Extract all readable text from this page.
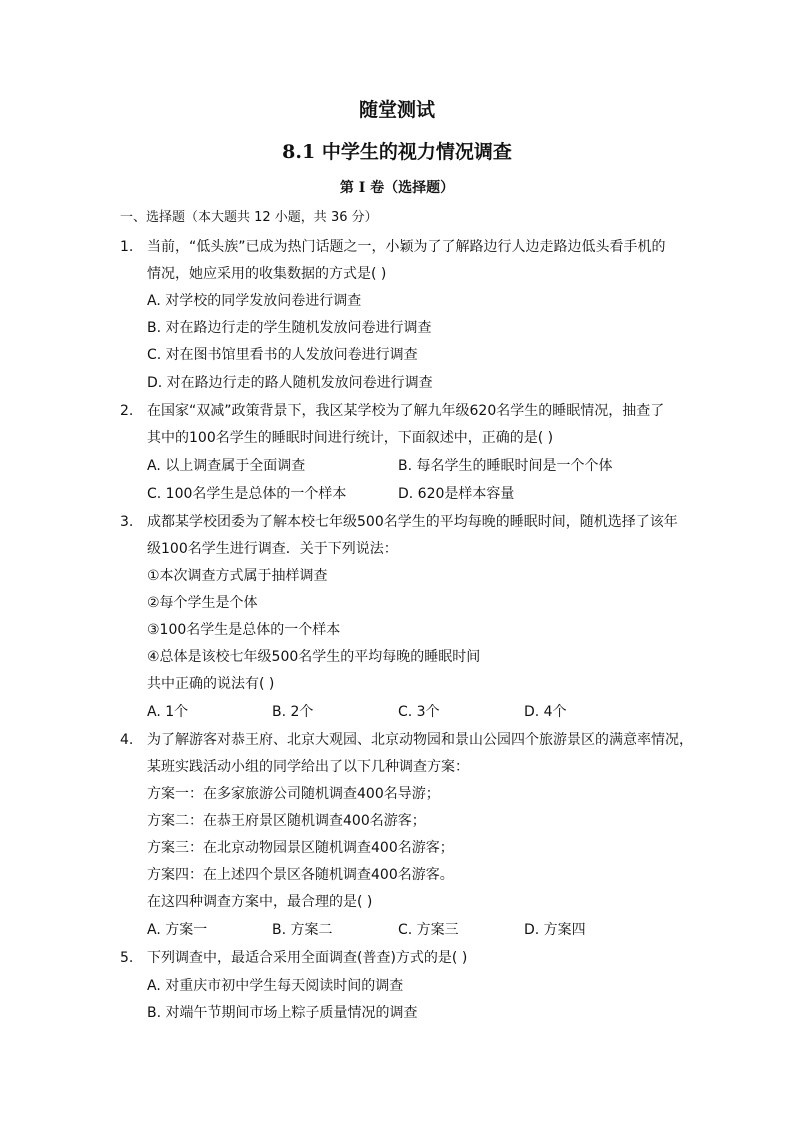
随堂测试
8.1 中学生的视力情况调查
第 I 卷（选择题）
一、选择题（本大题共 12 小题，共 36 分）
1. 当前，“低头族”已成为热门话题之一，小颖为了了解路边行人边走路边低头看手机的
情况，她应采用的收集数据的方式是( )
A. 对学校的同学发放问卷进行调查
B. 对在路边行走的学生随机发放问卷进行调查
C. 对在图书馆里看书的人发放问卷进行调查
D. 对在路边行走的路人随机发放问卷进行调查
2. 在国家“双减”政策背景下，我区某学校为了解九年级620名学生的睡眠情况，抽查了
其中的100名学生的睡眠时间进行统计，下面叙述中，正确的是( )
A. 以上调查属于全面调查	B. 每名学生的睡眠时间是一个个体
C. 100名学生是总体的一个样本	D. 620是样本容量
3. 成都某学校团委为了解本校七年级500名学生的平均每晚的睡眠时间，随机选择了该年
级100名学生进行调查．关于下列说法：
①本次调查方式属于抽样调查
②每个学生是个体
③100名学生是总体的一个样本
④总体是该校七年级500名学生的平均每晚的睡眠时间
共中正确的说法有( )
A. 1个	B. 2个	C. 3个	D. 4个
4. 为了解游客对恭王府、北京大观园、北京动物园和景山公园四个旅游景区的满意率情况，
某班实践活动小组的同学给出了以下几种调查方案：
方案一：在多家旅游公司随机调查400名导游；
方案二：在恭王府景区随机调查400名游客；
方案三：在北京动物园景区随机调查400名游客；
方案四：在上述四个景区各随机调查400名游客。
在这四种调查方案中，最合理的是( )
A. 方案一	B. 方案二	C. 方案三	D. 方案四
5. 下列调查中，最适合采用全面调查(普查)方式的是( )
A. 对重庆市初中学生每天阅读时间的调查
B. 对端午节期间市场上粽子质量情况的调查
